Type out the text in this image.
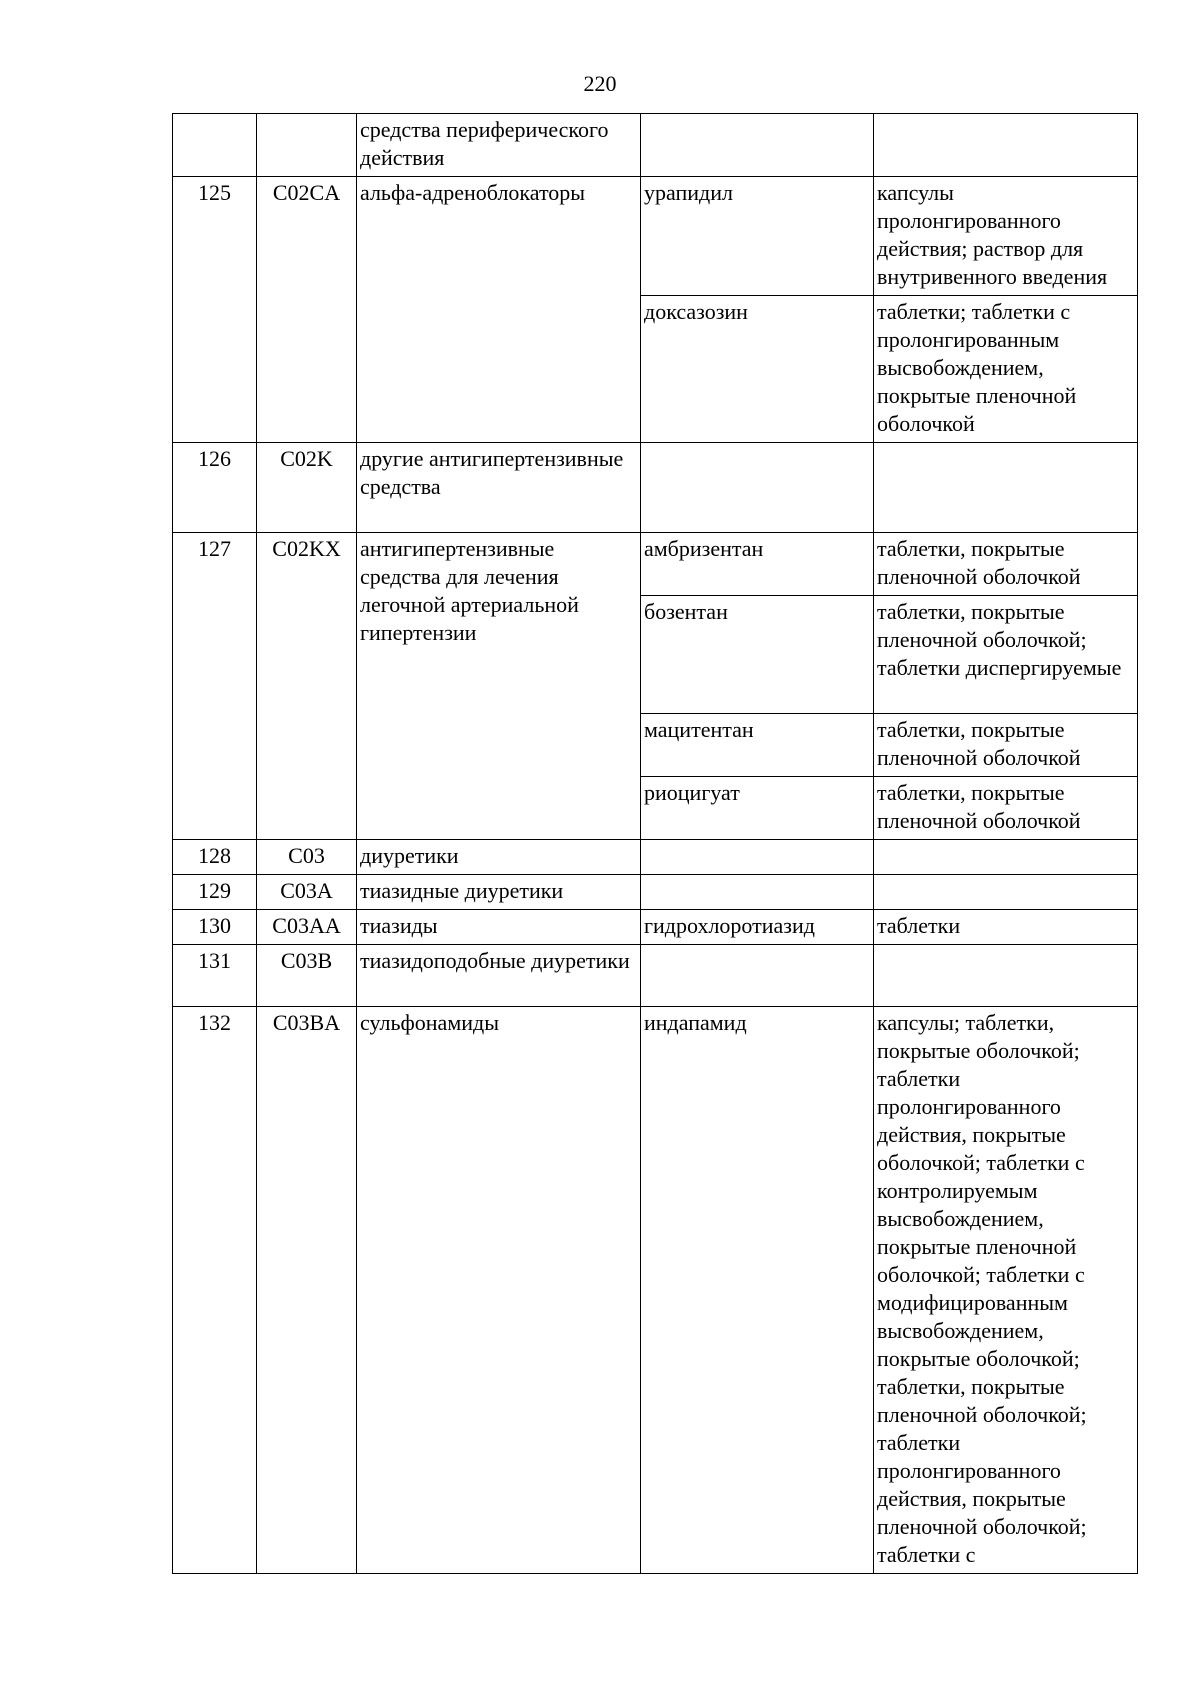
220
		средства периферического действия		
125	C02CA	альфа-адреноблокаторы	урапидил	капсулы пролонгированного действия; раствор для внутривенного введения
			доксазозин	таблетки; таблетки с пролонгированным высвобождением, покрытые пленочной оболочкой
126	C02K	другие антигипертензивные средства		
127	C02KX	антигипертензивные средства для лечения легочной артериальной гипертензии	амбризентан	таблетки, покрытые пленочной оболочкой
			бозентан	таблетки, покрытые пленочной оболочкой; таблетки диспергируемые
			мацитентан	таблетки, покрытые пленочной оболочкой
			риоцигуат	таблетки, покрытые пленочной оболочкой
128	C03	диуретики		
129	C03A	тиазидные диуретики		
130	C03AA	тиазиды	гидрохлоротиазид	таблетки
131	C03B	тиазидоподобные диуретики		
132	C03BA	сульфонамиды	индапамид	капсулы; таблетки, покрытые оболочкой; таблетки пролонгированного действия, покрытые оболочкой; таблетки с контролируемым высвобождением, покрытые пленочной оболочкой; таблетки с модифицированным высвобождением, покрытые оболочкой; таблетки, покрытые пленочной оболочкой; таблетки пролонгированного действия, покрытые пленочной оболочкой; таблетки с
